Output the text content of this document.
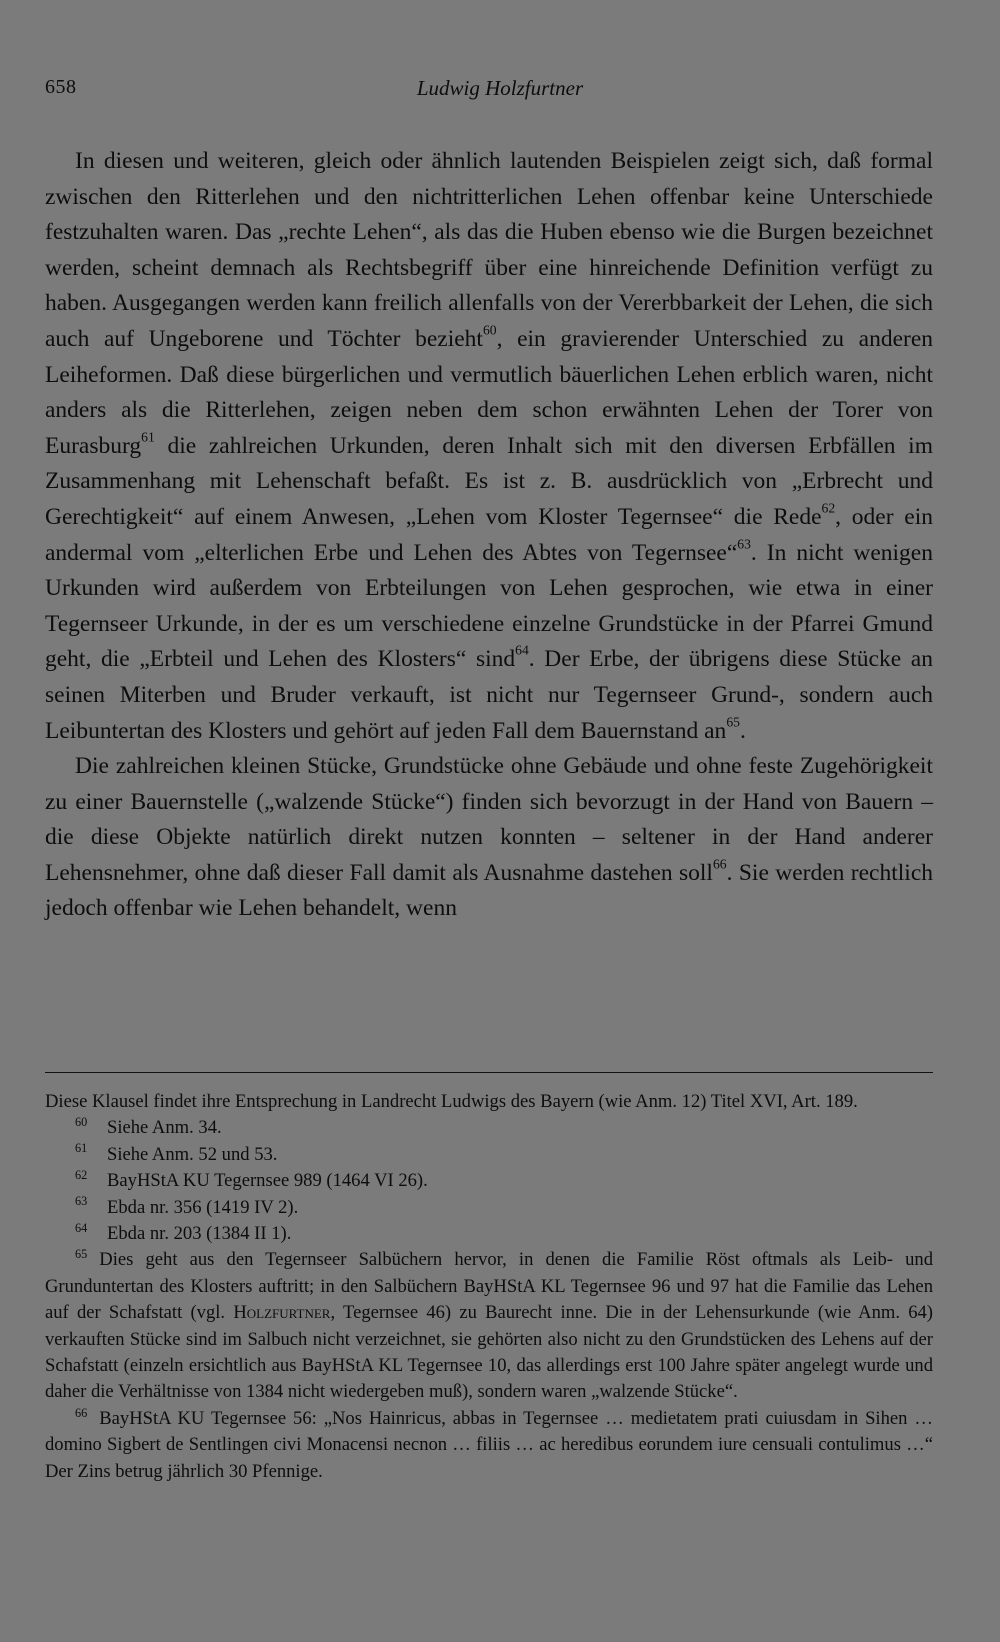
658	Ludwig Holzfurtner

In diesen und weiteren, gleich oder ähnlich lautenden Beispielen zeigt sich, daß formal zwischen den Ritterlehen und den nichtritterlichen Lehen offenbar keine Unterschiede festzuhalten waren. Das „rechte Lehen“, als das die Huben ebenso wie die Burgen bezeichnet werden, scheint demnach als Rechtsbegriff über eine hinreichende Definition verfügt zu haben. Ausgegangen werden kann freilich allenfalls von der Vererbbarkeit der Lehen, die sich auch auf Ungeborene und Töchter bezieht$^{60}$, ein gravierender Unterschied zu anderen Leiheformen. Daß diese bürgerlichen und vermutlich bäuerlichen Lehen erblich waren, nicht anders als die Ritterlehen, zeigen neben dem schon erwähnten Lehen der Torer von Eurasburg$^{61}$ die zahlreichen Urkunden, deren Inhalt sich mit den diversen Erbfällen im Zusammenhang mit Lehenschaft befaßt. Es ist z. B. ausdrücklich von „Erbrecht und Gerechtigkeit“ auf einem Anwesen, „Lehen vom Kloster Tegernsee“ die Rede$^{62}$, oder ein andermal vom „elterlichen Erbe und Lehen des Abtes von Tegernsee“$^{63}$. In nicht wenigen Urkunden wird außerdem von Erbteilungen von Lehen gesprochen, wie etwa in einer Tegernseer Urkunde, in der es um verschiedene einzelne Grundstücke in der Pfarrei Gmund geht, die „Erbteil und Lehen des Klosters“ sind$^{64}$. Der Erbe, der übrigens diese Stücke an seinen Miterben und Bruder verkauft, ist nicht nur Tegernseer Grund-, sondern auch Leibuntertan des Klosters und gehört auf jeden Fall dem Bauernstand $an^{65}$.

Die zahlreichen kleinen Stücke, Grundstücke ohne Gebäude und ohne feste Zugehörigkeit zu einer Bauernstelle („walzende Stücke“) finden sich bevorzugt in der Hand von Bauern – die diese Objekte natürlich direkt nutzen konnten – seltener in der Hand anderer Lehensnehmer, ohne daß dieser Fall damit als Ausnahme dastehen soll$^{66}$. Sie werden rechtlich jedoch offenbar wie Lehen behandelt, wenn

Diese Klausel findet ihre Entsprechung in Landrecht Ludwigs des Bayern (wie Anm. 12) Titel XVI, Art. 189.

60 Siehe Anm. 34.

61 Siehe Anm. 52 und 53.

62 BayHStA KU Tegernsee 989 (1464 VI 26).

63 Ebda nr. 356 (1419 IV 2).

64 Ebda nr. 203 (1384 II 1).

$^{65}$ Dies geht aus den Tegernseer Salbüchern hervor, in denen die Familie Röst oftmals als Leib- und Grunduntertan des Klosters auftritt; in den Salbüchern BayHStA KL Tegernsee 96 und 97 hat die Familie das Lehen auf der Schafstatt (vgl. Holzfurtner, Tegernsee 46) zu Baurecht inne. Die in der Lehensurkunde (wie Anm. 64) verkauften Stücke sind im Salbuch nicht verzeichnet, sie gehörten also nicht zu den Grundstücken des Lehens auf der Schafstatt (einzeln ersichtlich aus BayHStA KL Tegernsee 10, das allerdings erst 100 Jahre später angelegt wurde und daher die Verhältnisse von 1384 nicht wiedergeben muß), sondern waren „walzende Stücke“.

$^{66}$ BayHStA KU Tegernsee 56: „Nos Hainricus, abbas in Tegernsee … medietatem prati cuiusdam in Sihen … domino Sigbert de Sentlingen civi Monacensi necnon … filiis … ac heredibus eorundem iure censuali contulimus …“ Der Zins betrug jährlich 30 Pfennige.
